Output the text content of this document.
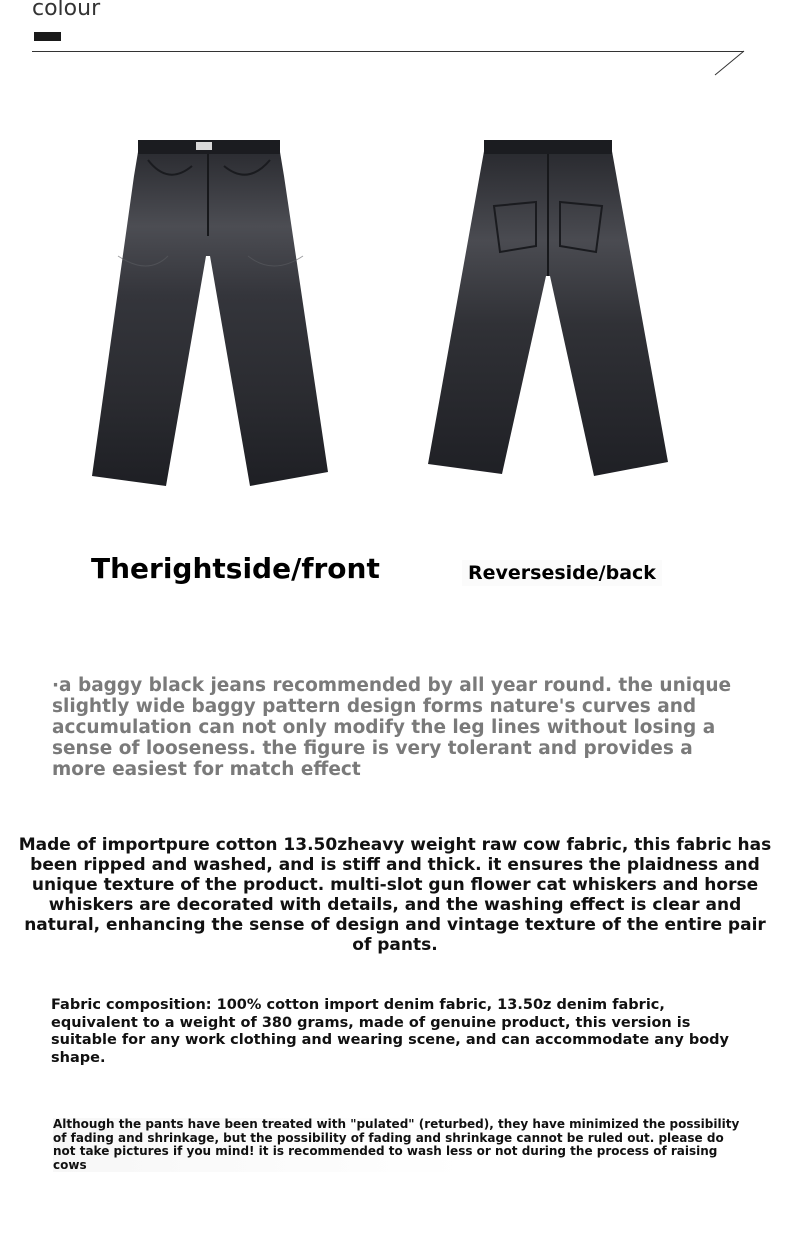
colour
Therightside/front	Reverseside/back
·a baggy black jeans recommended by all year round. the unique slightly wide baggy pattern design forms nature's curves and accumulation can not only modify the leg lines without losing a sense of looseness. the figure is very tolerant and provides a more easiest for match effect
Made of importpure cotton 13.50zheavy weight raw cow fabric, this fabric has been ripped and washed, and is stiff and thick. it ensures the plaidness and unique texture of the product. multi-slot gun flower cat whiskers and horse whiskers are decorated with details, and the washing effect is clear and natural, enhancing the sense of design and vintage texture of the entire pair of pants.
Fabric composition: 100% cotton import denim fabric, 13.50z denim fabric, equivalent to a weight of 380 grams, made of genuine product, this version is suitable for any work clothing and wearing scene, and can accommodate any body shape.
Although the pants have been treated with "pulated" (returbed), they have minimized the possibility of fading and shrinkage, but the possibility of fading and shrinkage cannot be ruled out. please do not take pictures if you mind! it is recommended to wash less or not during the process of raising cows
